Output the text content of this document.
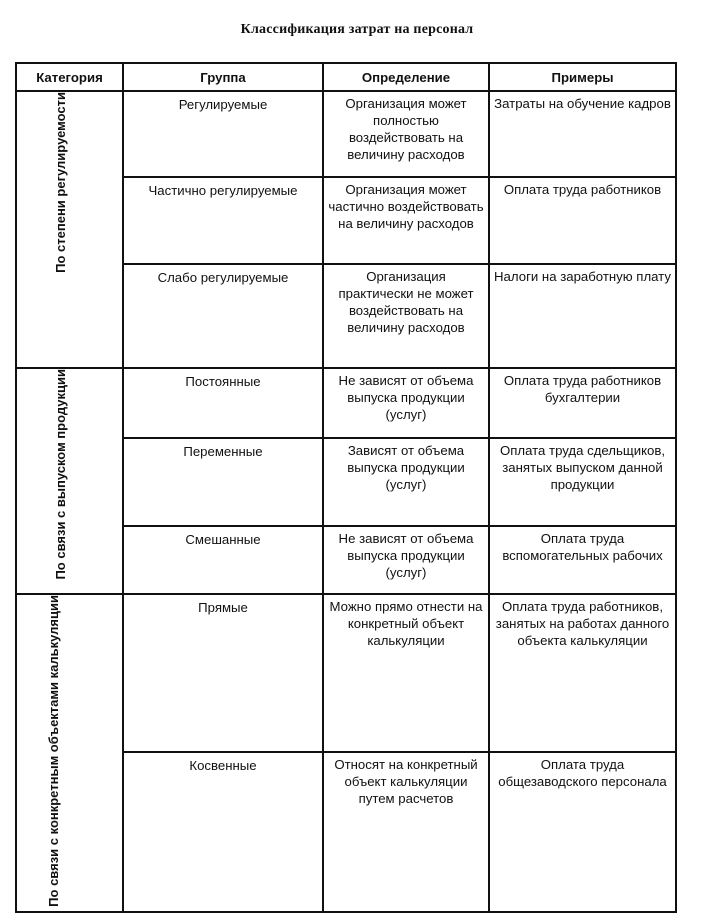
Классификация затрат на персонал
Категория	Группа	Определение	Примеры
По степени регулируемости	Регулируемые	Организация может полностью воздействовать на величину расходов	Затраты на обучение кадров
	Частично регулируемые	Организация может частично воздействовать на величину расходов	Оплата труда работников
	Слабо регулируемые	Организация практически не может воздействовать на величину расходов	Налоги на заработную плату
По связи с выпуском продукции	Постоянные	Не зависят от объема выпуска продукции (услуг)	Оплата труда работников бухгалтерии
	Переменные	Зависят от объема выпуска продукции (услуг)	Оплата труда сдельщиков, занятых выпуском данной продукции
	Смешанные	Не зависят от объема выпуска продукции (услуг)	Оплата труда вспомогательных рабочих
По связи с конкретным объектами калькуляции	Прямые	Можно прямо отнести на конкретный объект калькуляции	Оплата труда работников, занятых на работах данного объекта калькуляции
	Косвенные	Относят на конкретный объект калькуляции путем расчетов	Оплата труда общезаводского персонала
